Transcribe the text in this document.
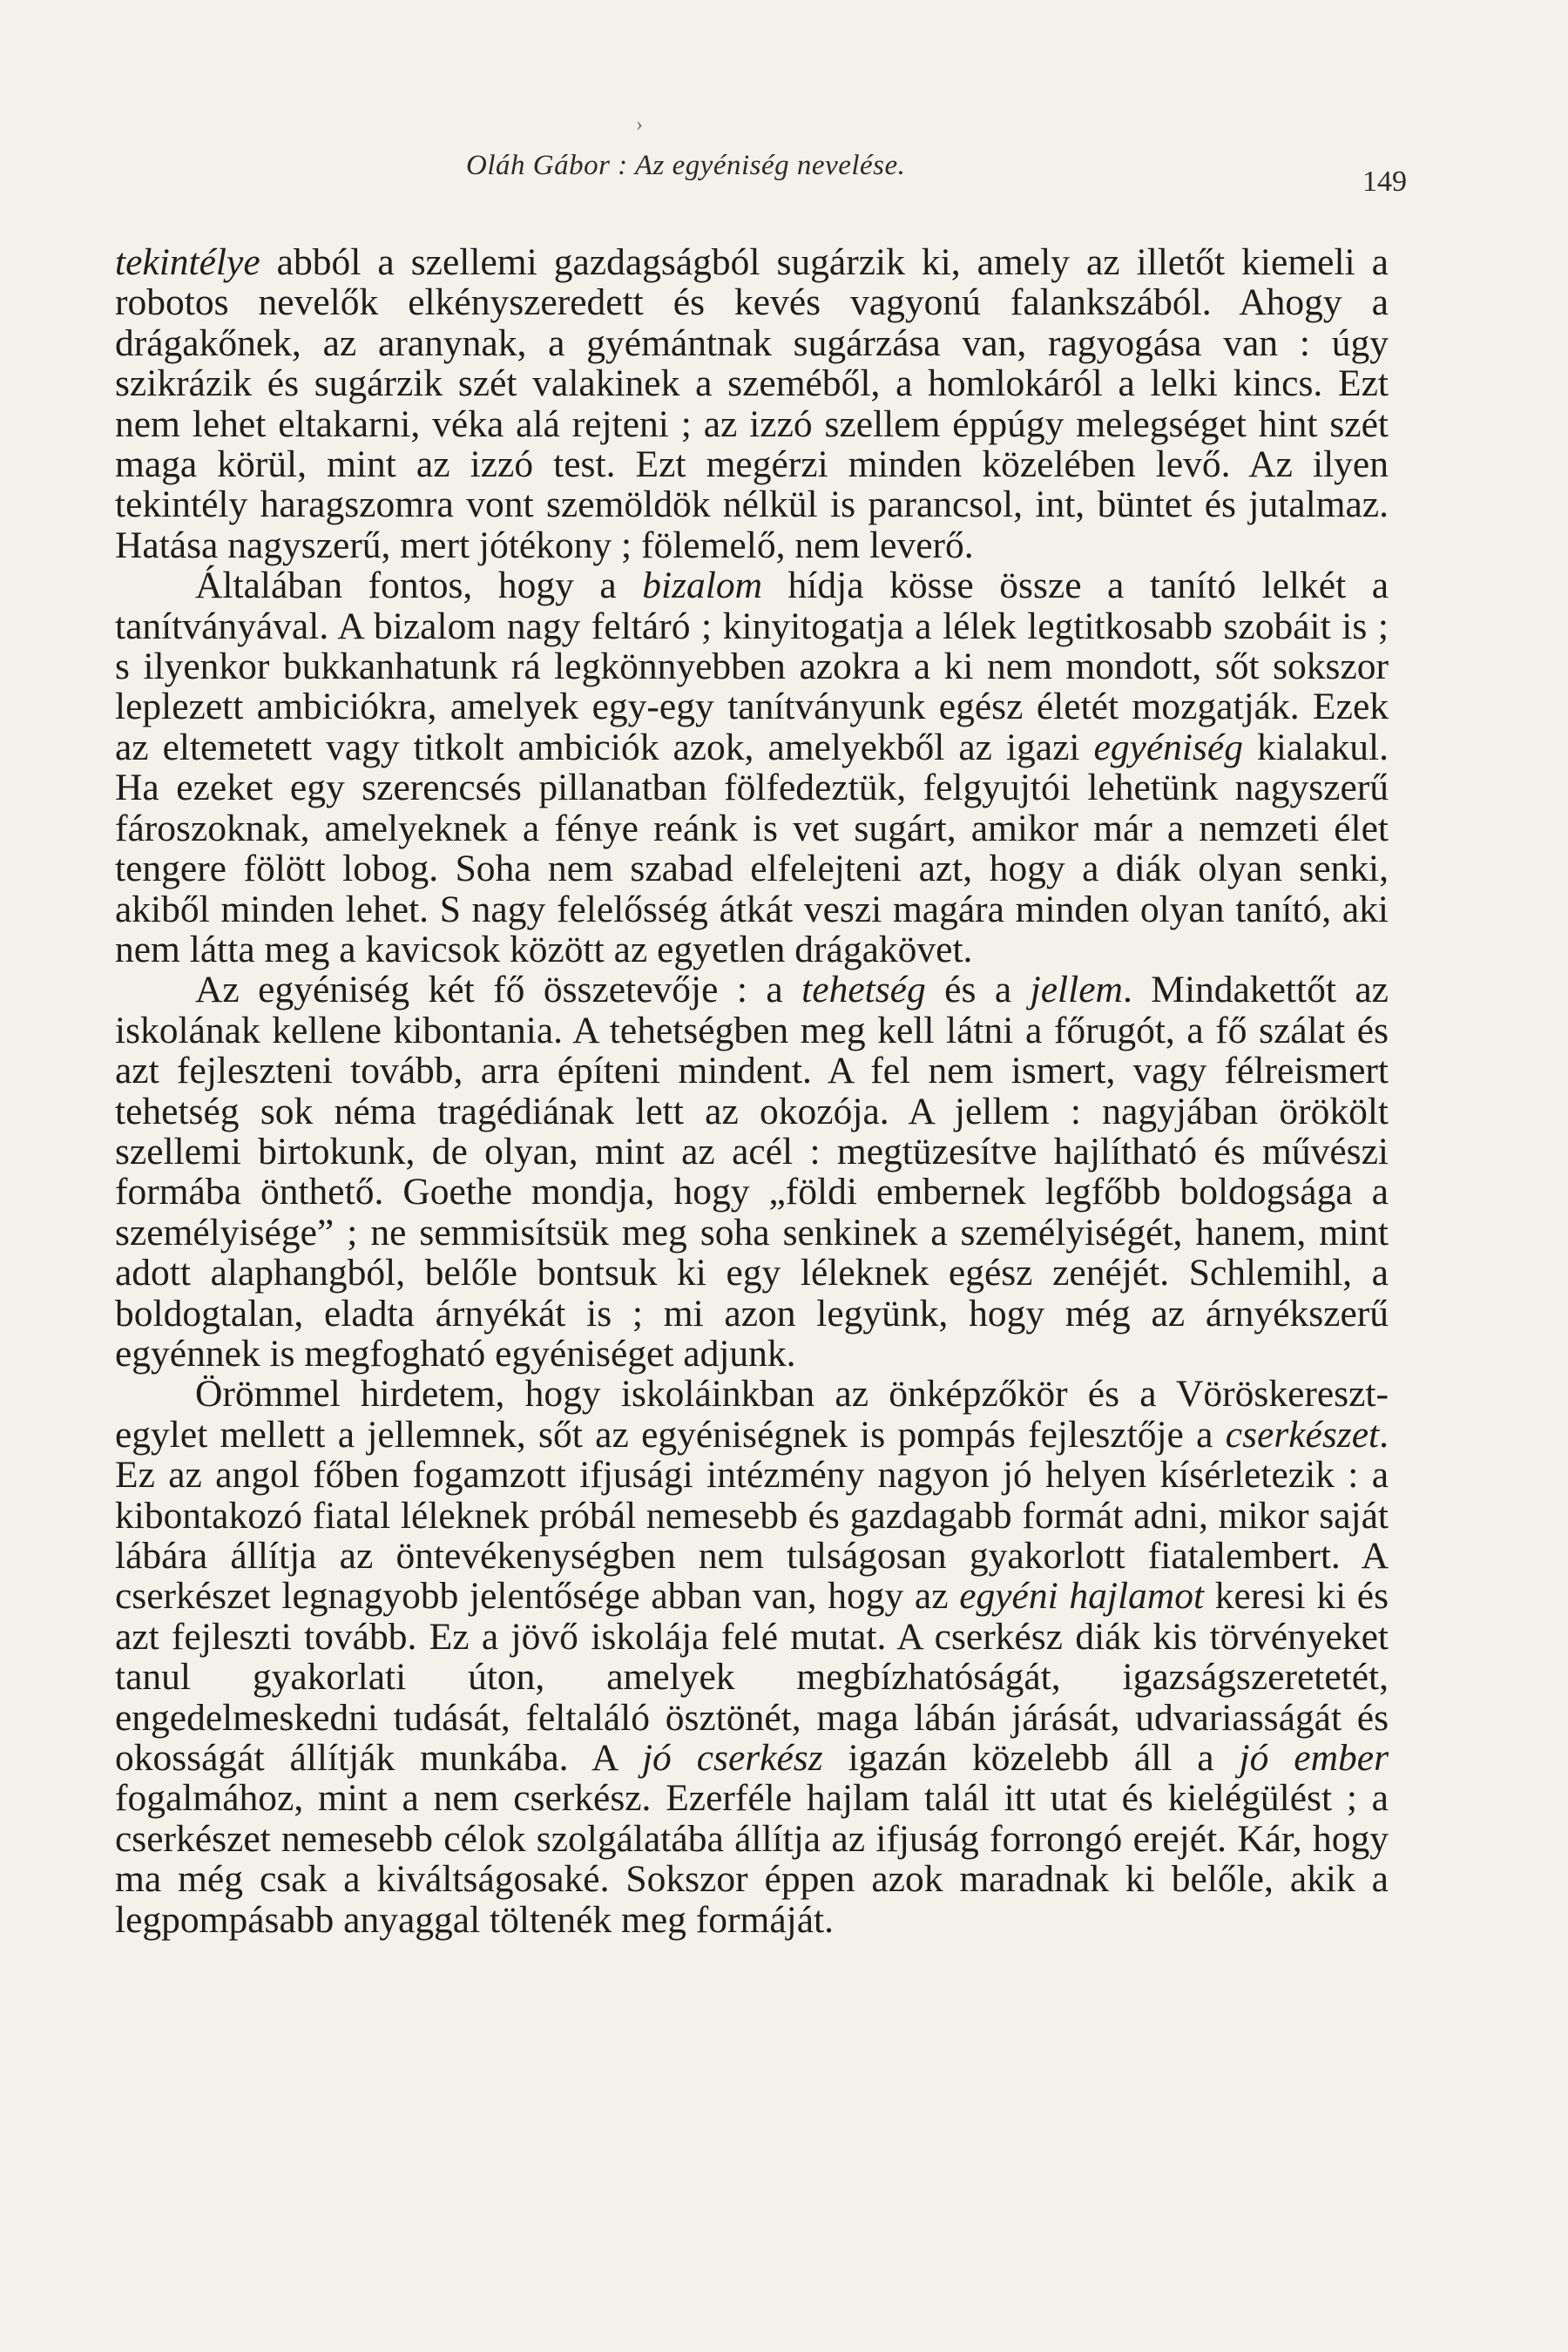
›
Oláh Gábor : Az egyéniség nevelése.	149

tekintélye abból a szellemi gazdagságból sugárzik ki, amely az illetőt kiemeli a robotos nevelők elkényszeredett és kevés vagyonú falankszából. Ahogy a drágakőnek, az aranynak, a gyémántnak sugárzása van, ragyogása van : úgy szikrázik és sugárzik szét valakinek a szeméből, a homlokáról a lelki kincs. Ezt nem lehet eltakarni, véka alá rejteni ; az izzó szellem éppúgy melegséget hint szét maga körül, mint az izzó test. Ezt megérzi minden közelében levő. Az ilyen tekintély haragszomra vont szemöldök nélkül is parancsol, int, büntet és jutalmaz. Hatása nagyszerű, mert jótékony ; fölemelő, nem leverő.

Általában fontos, hogy a bizalom hídja kösse össze a tanító lelkét a tanítványával. A bizalom nagy feltáró ; kinyitogatja a lélek legtitkosabb szobáit is ; s ilyenkor bukkanhatunk rá legkönnyebben azokra a ki nem mondott, sőt sokszor leplezett ambiciókra, amelyek egy-egy tanítványunk egész életét mozgatják. Ezek az eltemetett vagy titkolt ambiciók azok, amelyekből az igazi egyéniség kialakul. Ha ezeket egy szerencsés pillanatban fölfedeztük, felgyujtói lehetünk nagyszerű fároszoknak, amelyeknek a fénye reánk is vet sugárt, amikor már a nemzeti élet tengere fölött lobog. Soha nem szabad elfelejteni azt, hogy a diák olyan senki, akiből minden lehet. S nagy felelősség átkát veszi magára minden olyan tanító, aki nem látta meg a kavicsok között az egyetlen drágakövet.

Az egyéniség két fő összetevője : a tehetség és a jellem. Mindakettőt az iskolának kellene kibontania. A tehetségben meg kell látni a főrugót, a fő szálat és azt fejleszteni tovább, arra építeni mindent. A fel nem ismert, vagy félreismert tehetség sok néma tragédiának lett az okozója. A jellem : nagyjában örökölt szellemi birtokunk, de olyan, mint az acél : megtüzesítve hajlítható és művészi formába önthető. Goethe mondja, hogy „földi embernek legfőbb boldogsága a személyisége” ; ne semmisítsük meg soha senkinek a személyiségét, hanem, mint adott alaphangból, belőle bontsuk ki egy léleknek egész zenéjét. Schlemihl, a boldogtalan, eladta árnyékát is ; mi azon legyünk, hogy még az árnyékszerű egyénnek is megfogható egyéniséget adjunk.

Örömmel hirdetem, hogy iskoláinkban az önképzőkör és a Vöröskereszt-egylet mellett a jellemnek, sőt az egyéniségnek is pompás fejlesztője a cserkészet. Ez az angol főben fogamzott ifjusági intézmény nagyon jó helyen kísérletezik : a kibontakozó fiatal léleknek próbál nemesebb és gazdagabb formát adni, mikor saját lábára állítja az öntevékenységben nem tulságosan gyakorlott fiatalembert. A cserkészet legnagyobb jelentősége abban van, hogy az egyéni hajlamot keresi ki és azt fejleszti tovább. Ez a jövő iskolája felé mutat. A cserkész diák kis törvényeket tanul gyakorlati úton, amelyek megbízhatóságát, igazságszeretetét, engedelmeskedni tudását, feltaláló ösztönét, maga lábán járását, udvariasságát és okosságát állítják munkába. A jó cserkész igazán közelebb áll a jó ember fogalmához, mint a nem cserkész. Ezerféle hajlam talál itt utat és kielégülést ; a cserkészet nemesebb célok szolgálatába állítja az ifjuság forrongó erejét. Kár, hogy ma még csak a kiváltságosaké. Sokszor éppen azok maradnak ki belőle, akik a legpompásabb anyaggal töltenék meg formáját.
